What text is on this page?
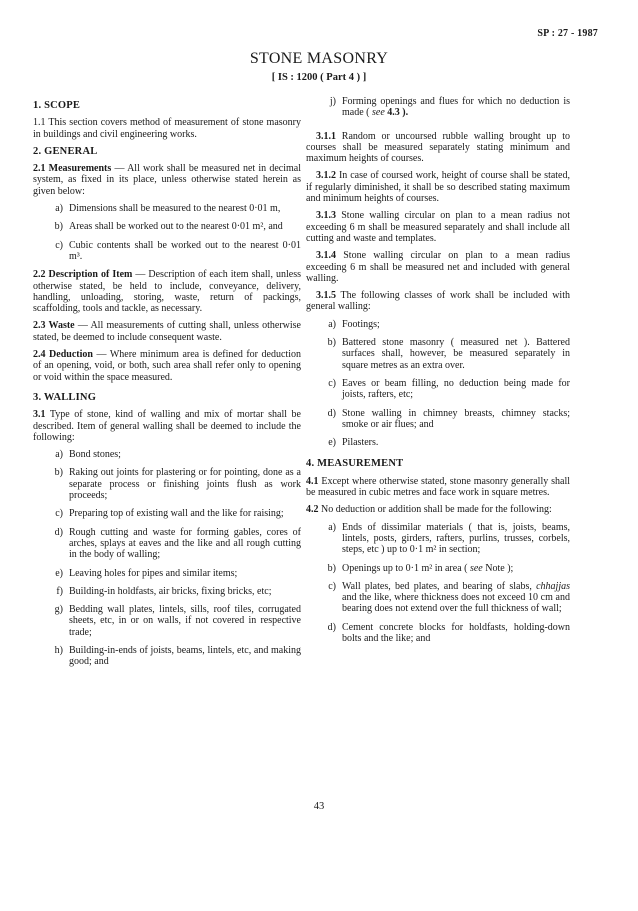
SP : 27 - 1987
STONE MASONRY
[ IS : 1200 ( Part 4 ) ]
1. SCOPE
1.1 This section covers method of measurement of stone masonry in buildings and civil engineering works.
2. GENERAL
2.1 Measurements — All work shall be measured net in decimal system, as fixed in its place, unless otherwise stated herein as given below:
a) Dimensions shall be measured to the nearest 0·01 m,
b) Areas shall be worked out to the nearest 0·01 m², and
c) Cubic contents shall be worked out to the nearest 0·01 m³.
2.2 Description of Item — Description of each item shall, unless otherwise stated, be held to include, conveyance, delivery, handling, unloading, storing, waste, return of packings, scaffolding, tools and tackle, as necessary.
2.3 Waste — All measurements of cutting shall, unless otherwise stated, be deemed to include consequent waste.
2.4 Deduction — Where minimum area is defined for deduction of an opening, void, or both, such area shall refer only to opening or void within the space measured.
3. WALLING
3.1 Type of stone, kind of walling and mix of mortar shall be described. Item of general walling shall be deemed to include the following:
a) Bond stones;
b) Raking out joints for plastering or for pointing, done as a separate process or finishing joints flush as work proceeds;
c) Preparing top of existing wall and the like for raising;
d) Rough cutting and waste for forming gables, cores of arches, splays at eaves and the like and all rough cutting in the body of walling;
e) Leaving holes for pipes and similar items;
f) Building-in holdfasts, air bricks, fixing bricks, etc;
g) Bedding wall plates, lintels, sills, roof tiles, corrugated sheets, etc, in or on walls, if not covered in respective trade;
h) Building-in-ends of joists, beams, lintels, etc, and making good; and
j) Forming openings and flues for which no deduction is made ( see 4.3 ).
3.1.1 Random or uncoursed rubble walling brought up to courses shall be measured separately stating minimum and maximum heights of courses.
3.1.2 In case of coursed work, height of course shall be stated, if regularly diminished, it shall be so described stating maximum and minimum heights of courses.
3.1.3 Stone walling circular on plan to a mean radius not exceeding 6 m shall be measured separately and shall include all cutting and waste and templates.
3.1.4 Stone walling circular on plan to a mean radius exceeding 6 m shall be measured net and included with general walling.
3.1.5 The following classes of work shall be included with general walling:
a) Footings;
b) Battered stone masonry ( measured net ). Battered surfaces shall, however, be measured separately in square metres as an extra over.
c) Eaves or beam filling, no deduction being made for joists, rafters, etc;
d) Stone walling in chimney breasts, chimney stacks; smoke or air flues; and
e) Pilasters.
4. MEASUREMENT
4.1 Except where otherwise stated, stone masonry generally shall be measured in cubic metres and face work in square metres.
4.2 No deduction or addition shall be made for the following:
a) Ends of dissimilar materials ( that is, joists, beams, lintels, posts, girders, rafters, purlins, trusses, corbels, steps, etc ) up to 0·1 m² in section;
b) Openings up to 0·1 m² in area ( see Note );
c) Wall plates, bed plates, and bearing of slabs, chhajjas and the like, where thickness does not exceed 10 cm and bearing does not extend over the full thickness of wall;
d) Cement concrete blocks for holdfasts, holding-down bolts and the like; and
43
